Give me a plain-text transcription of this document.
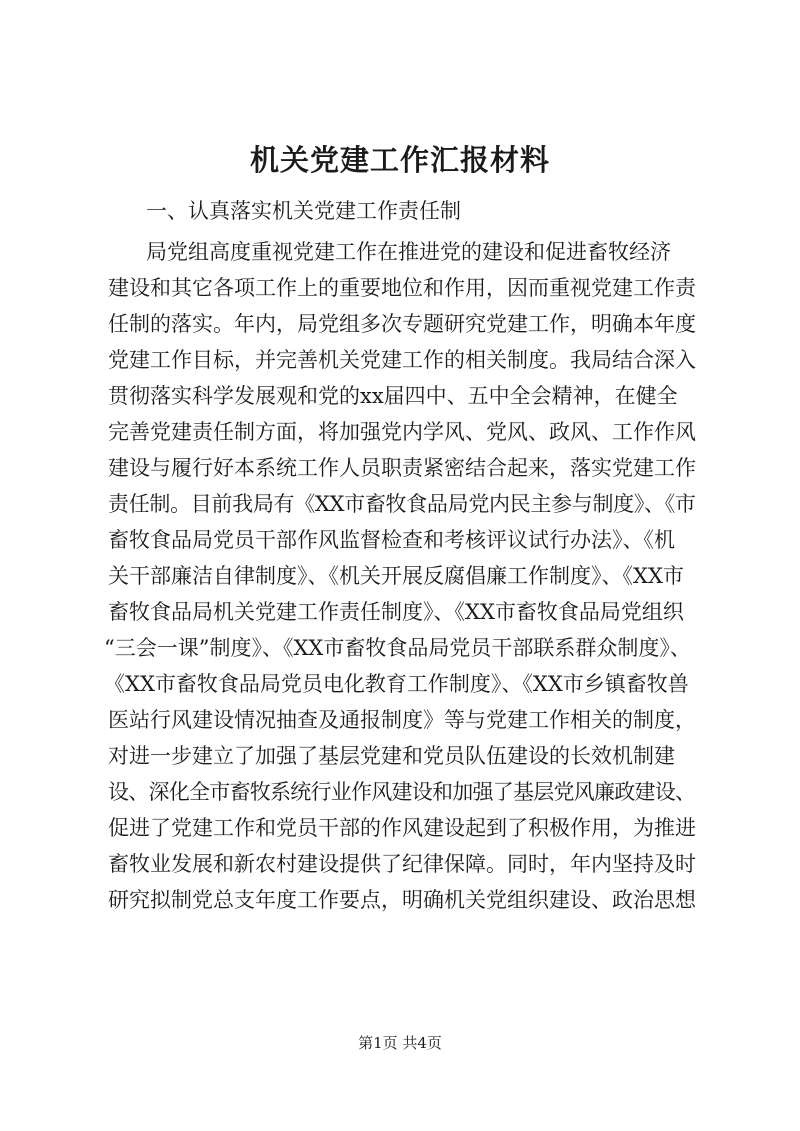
机关党建工作汇报材料
一、认真落实机关党建工作责任制
局党组高度重视党建工作在推进党的建设和促进畜牧经济
建设和其它各项工作上的重要地位和作用，因而重视党建工作责
任制的落实。年内，局党组多次专题研究党建工作，明确本年度
党建工作目标，并完善机关党建工作的相关制度。我局结合深入
贯彻落实科学发展观和党的xx届四中、五中全会精神，在健全
完善党建责任制方面，将加强党内学风、党风、政风、工作作风
建设与履行好本系统工作人员职责紧密结合起来，落实党建工作
责任制。目前我局有《XX市畜牧食品局党内民主参与制度》、《市
畜牧食品局党员干部作风监督检查和考核评议试行办法》、《机
关干部廉洁自律制度》、《机关开展反腐倡廉工作制度》、《XX市
畜牧食品局机关党建工作责任制度》、《XX市畜牧食品局党组织
“三会一课”制度》、《XX市畜牧食品局党员干部联系群众制度》、
《XX市畜牧食品局党员电化教育工作制度》、《XX市乡镇畜牧兽
医站行风建设情况抽查及通报制度》等与党建工作相关的制度，
对进一步建立了加强了基层党建和党员队伍建设的长效机制建
设、深化全市畜牧系统行业作风建设和加强了基层党风廉政建设、
促进了党建工作和党员干部的作风建设起到了积极作用，为推进
畜牧业发展和新农村建设提供了纪律保障。同时，年内坚持及时
研究拟制党总支年度工作要点，明确机关党组织建设、政治思想
第1页 共4页
